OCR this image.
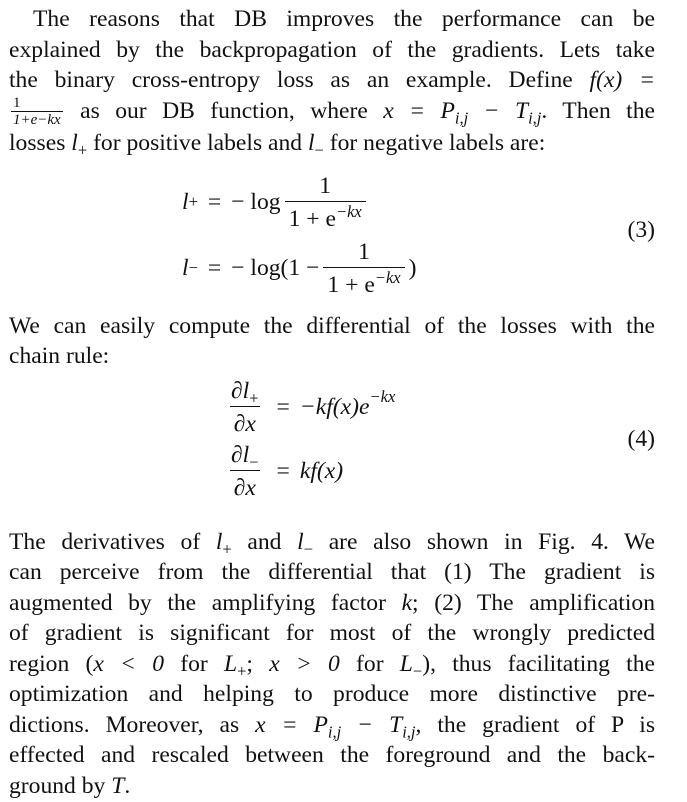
The reasons that DB improves the performance can be
explained by the backpropagation of the gradients. Lets take
the binary cross-entropy loss as an example. Define f(x) =
$\frac{1}{1+e-kx}$ as our DB function, where $x = P_{i,j} - T_{i,j}$. Then the
losses $l_+$ for positive labels and $l_-$ for negative labels are:
l + = − $\log \frac{1}{1 + e^{-kx}}$
l − = − $\log(1 - \frac{1}{1 + e^{-kx}}$ )
(3)
We can easily compute the differential of the losses with the
chain rule:
$\frac{\partial l_+}{\partial x} = -kf(x)e^{-kx}$
$\frac{\partial l_-}{\partial x} = kf(x)$
(4)
The derivatives of $l_+$ and $l_-$ are also shown in Fig. 4. We
can perceive from the differential that (1) The gradient is
augmented by the amplifying factor k; (2) The amplification
of gradient is significant for most of the wrongly predicted
region (x < 0 for $L_+$; x > 0 for $L_-$), thus facilitating the
optimization and helping to produce more distinctive pre-
dictions. Moreover, as $x = P_{i,j} - T_{i,j}$, the gradient of P is
effected and rescaled between the foreground and the back-
ground by T.
